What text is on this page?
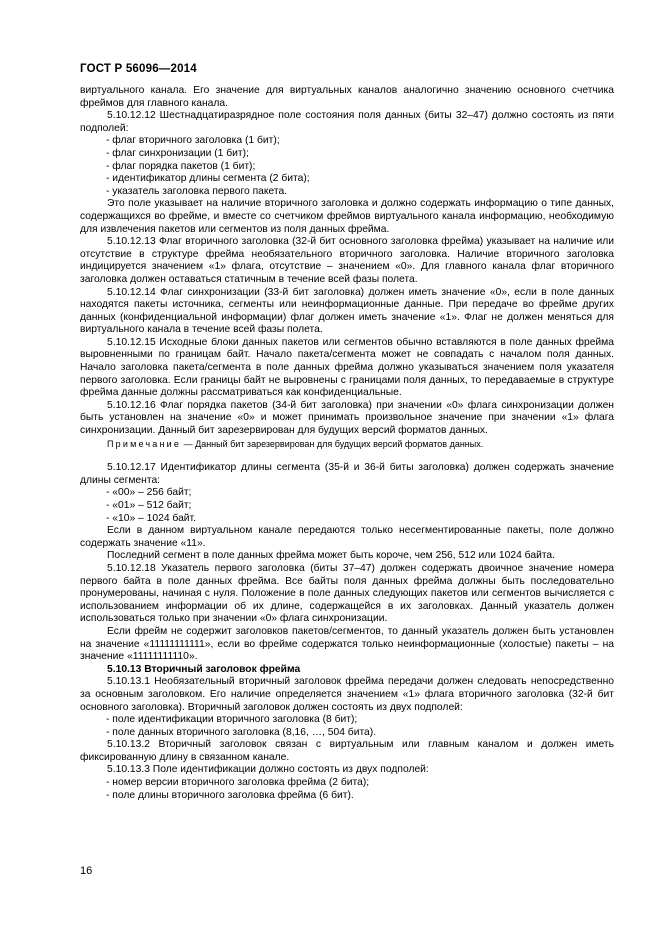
ГОСТ Р 56096—2014

виртуального канала. Его значение для виртуальных каналов аналогично значению основного счетчика фреймов для главного канала.

5.10.12.12 Шестнадцатиразрядное поле состояния поля данных (биты 32–47) должно состоять из пяти подполей:

- флаг вторичного заголовка (1 бит);
- флаг синхронизации (1 бит);
- флаг порядка пакетов (1 бит);
- идентификатор длины сегмента (2 бита);
- указатель заголовка первого пакета.

Это поле указывает на наличие вторичного заголовка и должно содержать информацию о типе данных, содержащихся во фрейме, и вместе со счетчиком фреймов виртуального канала информацию, необходимую для извлечения пакетов или сегментов из поля данных фрейма.

5.10.12.13 Флаг вторичного заголовка (32-й бит основного заголовка фрейма) указывает на наличие или отсутствие в структуре фрейма необязательного вторичного заголовка. Наличие вторичного заголовка индицируется значением «1» флага, отсутствие – значением «0». Для главного канала флаг вторичного заголовка должен оставаться статичным в течение всей фазы полета.

5.10.12.14 Флаг синхронизации (33-й бит заголовка) должен иметь значение «0», если в поле данных находятся пакеты источника, сегменты или неинформационные данные. При передаче во фрейме других данных (конфиденциальной информации) флаг должен иметь значение «1». Флаг не должен меняться для виртуального канала в течение всей фазы полета.

5.10.12.15 Исходные блоки данных пакетов или сегментов обычно вставляются в поле данных фрейма выровненными по границам байт. Начало пакета/сегмента может не совпадать с началом поля данных. Начало заголовка пакета/сегмента в поле данных фрейма должно указываться значением поля указателя первого заголовка. Если границы байт не выровнены с границами поля данных, то передаваемые в структуре фрейма данные должны рассматриваться как конфиденциальные.

5.10.12.16 Флаг порядка пакетов (34-й бит заголовка) при значении «0» флага синхронизации должен быть установлен на значение «0» и может принимать произвольное значение при значении «1» флага синхронизации. Данный бит зарезервирован для будущих версий форматов данных.

Примечание — Данный бит зарезервирован для будущих версий форматов данных.

5.10.12.17 Идентификатор длины сегмента (35-й и 36-й биты заголовка) должен содержать значение длины сегмента:

- «00» – 256 байт;
- «01» – 512 байт;
- «10» – 1024 байт.

Если в данном виртуальном канале передаются только несегментированные пакеты, поле должно содержать значение «11».

Последний сегмент в поле данных фрейма может быть короче, чем 256, 512 или 1024 байта.

5.10.12.18 Указатель первого заголовка (биты 37–47) должен содержать двоичное значение номера первого байта в поле данных фрейма. Все байты поля данных фрейма должны быть последовательно пронумерованы, начиная с нуля. Положение в поле данных следующих пакетов или сегментов вычисляется с использованием информации об их длине, содержащейся в их заголовках. Данный указатель должен использоваться только при значении «0» флага синхронизации.

Если фрейм не содержит заголовков пакетов/сегментов, то данный указатель должен быть установлен на значение «11111111111», если во фрейме содержатся только неинформационные (холостые) пакеты – на значение «11111111110».

5.10.13 Вторичный заголовок фрейма

5.10.13.1 Необязательный вторичный заголовок фрейма передачи должен следовать непосредственно за основным заголовком. Его наличие определяется значением «1» флага вторичного заголовка (32-й бит основного заголовка). Вторичный заголовок должен состоять из двух подполей:

- поле идентификации вторичного заголовка (8 бит);
- поле данных вторичного заголовка (8,16, …, 504 бита).

5.10.13.2 Вторичный заголовок связан с виртуальным или главным каналом и должен иметь фиксированную длину в связанном канале.

5.10.13.3 Поле идентификации должно состоять из двух подполей:

- номер версии вторичного заголовка фрейма (2 бита);
- поле длины вторичного заголовка фрейма (6 бит).
16
